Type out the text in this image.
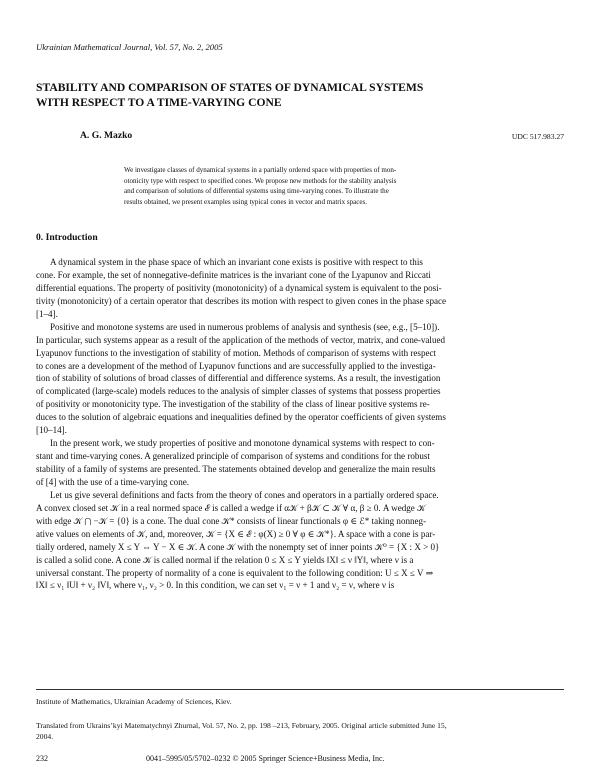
Ukrainian Mathematical Journal, Vol. 57, No. 2, 2005
STABILITY AND COMPARISON OF STATES OF DYNAMICAL SYSTEMS
WITH RESPECT TO A TIME-VARYING CONE
A. G. Mazko	UDC 517.983.27
We investigate classes of dynamical systems in a partially ordered space with properties of mon-
otonicity type with respect to specified cones. We propose new methods for the stability analysis
and comparison of solutions of differential systems using time-varying cones. To illustrate the
results obtained, we present examples using typical cones in vector and matrix spaces.
0. Introduction
A dynamical system in the phase space of which an invariant cone exists is positive with respect to this
cone. For example, the set of nonnegative-definite matrices is the invariant cone of the Lyapunov and Riccati
differential equations. The property of positivity (monotonicity) of a dynamical system is equivalent to the posi-
tivity (monotonicity) of a certain operator that describes its motion with respect to given cones in the phase space
[1–4].
Positive and monotone systems are used in numerous problems of analysis and synthesis (see, e.g., [5–10]).
In particular, such systems appear as a result of the application of the methods of vector, matrix, and cone-valued
Lyapunov functions to the investigation of stability of motion. Methods of comparison of systems with respect
to cones are a development of the method of Lyapunov functions and are successfully applied to the investiga-
tion of stability of solutions of broad classes of differential and difference systems. As a result, the investigation
of complicated (large-scale) models reduces to the analysis of simpler classes of systems that possess properties
of positivity or monotonicity type. The investigation of the stability of the class of linear positive systems re-
duces to the solution of algebraic equations and inequalities defined by the operator coefficients of given systems
[10–14].
In the present work, we study properties of positive and monotone dynamical systems with respect to con-
stant and time-varying cones. A generalized principle of comparison of systems and conditions for the robust
stability of a family of systems are presented. The statements obtained develop and generalize the main results
of [4] with the use of a time-varying cone.
Let us give several definitions and facts from the theory of cones and operators in a partially ordered space.
A convex closed set 𝒦 in a real normed space ℰ is called a wedge if α𝒦 + β𝒦 ⊂ 𝒦 ∀ α, β ≥ 0. A wedge 𝒦
with edge 𝒦 ⋂ −𝒦 = {0} is a cone. The dual cone 𝒦* consists of linear functionals φ ∈ ℰ* taking nonneg-
ative values on elements of 𝒦, and, moreover, 𝒦 = {X ∈ ℰ : φ(X) ≥ 0 ∀ φ ∈ 𝒦*}. A space with a cone is par-
tially ordered, namely X ≤ Y ⇔ Y − X ∈ 𝒦. A cone 𝒦 with the nonempty set of inner points 𝒦⁰ = {X : X > 0}
is called a solid cone. A cone 𝒦 is called normal if the relation 0 ≤ X ≤ Y yields ‖X‖ ≤ ν ‖Y‖, where ν is a
universal constant. The property of normality of a cone is equivalent to the following condition: U ≤ X ≤ V ⇒
‖X‖ ≤ ν₁ ‖U‖ + ν₂ ‖V‖, where ν₁, ν₂ > 0. In this condition, we can set ν₁ = ν + 1 and ν₂ = ν, where ν is
Institute of Mathematics, Ukrainian Academy of Sciences, Kiev.
Translated from Ukrains’kyi Matematychnyi Zhurnal, Vol. 57, No. 2, pp. 198 –213, February, 2005. Original article submitted June 15,
2004.
232	0041–5995/05/5702–0232 © 2005 Springer Science+Business Media, Inc.
